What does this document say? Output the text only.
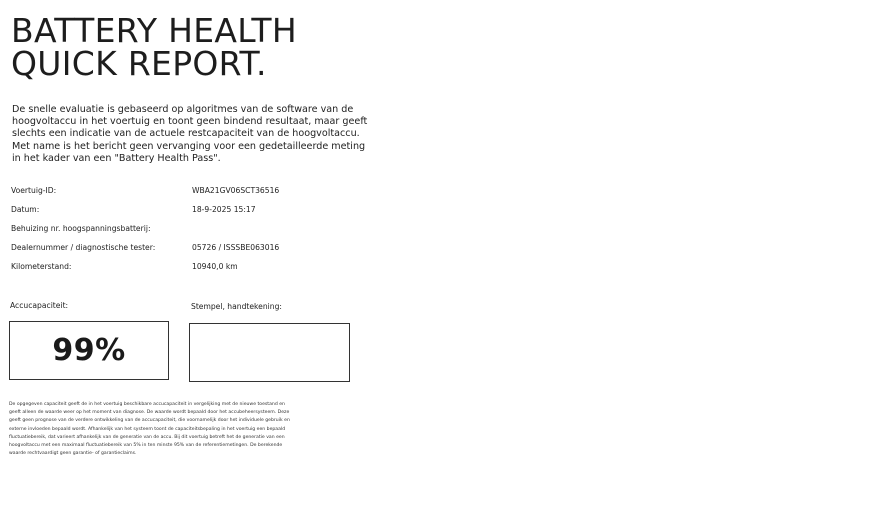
BATTERY HEALTH
QUICK REPORT.
De snelle evaluatie is gebaseerd op algoritmes van de software van de
hoogvoltaccu in het voertuig en toont geen bindend resultaat, maar geeft
slechts een indicatie van de actuele restcapaciteit van de hoogvoltaccu.
Met name is het bericht geen vervanging voor een gedetailleerde meting
in het kader van een "Battery Health Pass".
Voertuig-ID:	WBA21GV06SCT36516
Datum:	18-9-2025 15:17
Behuizing nr. hoogspanningsbatterij:
Dealernummer / diagnostische tester:	05726 / ISSSBE063016
Kilometerstand:	10940,0 km
Accucapaciteit:	Stempel, handtekening:
99%
De opgegeven capaciteit geeft de in het voertuig beschikbare accucapaciteit in vergelijking met de nieuwe toestand en
geeft alleen de waarde weer op het moment van diagnose. De waarde wordt bepaald door het accubeheersysteem. Deze
geeft geen prognose van de verdere ontwikkeling van de accucapaciteit, die voornamelijk door het individuele gebruik en
externe invloeden bepaald wordt. Afhankelijk van het systeem toont de capaciteitsbepaling in het voertuig een bepaald
fluctuatiebereik, dat varieert afhankelijk van de generatie van de accu. Bij dit voertuig betreft het de generatie van een
hoogvoltaccu met een maximaal fluctuatiebereik van 5% in ten minste 95% van de referentiemetingen. De berekende
waarde rechtvaardigt geen garantie- of garantieclaims.
